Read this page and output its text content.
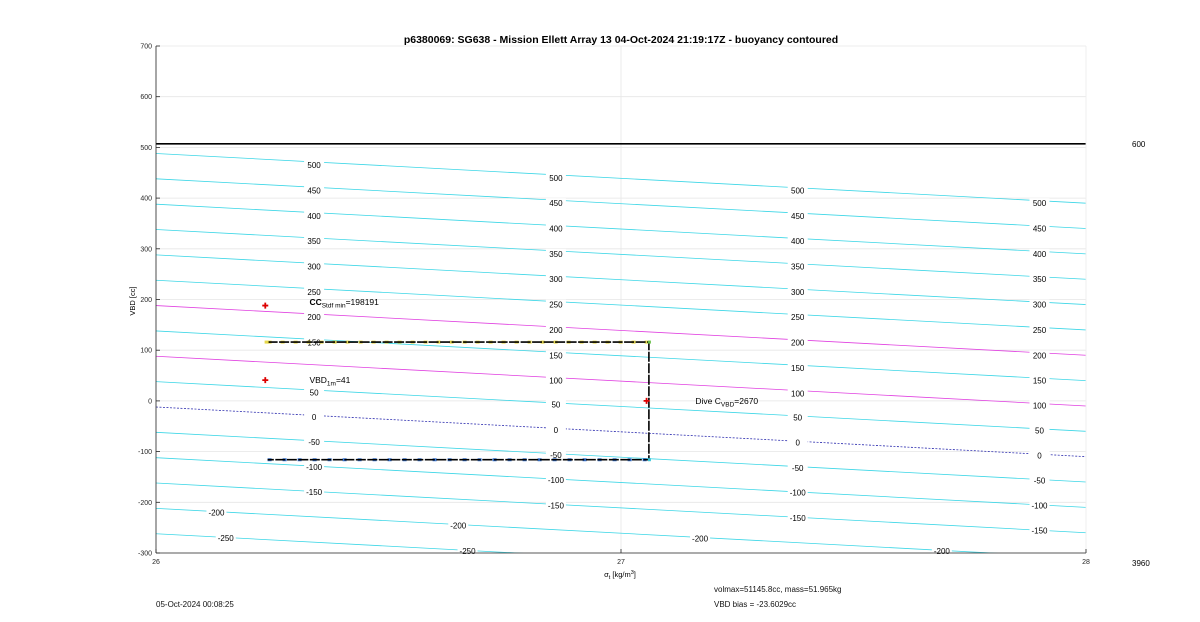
500
450
400
350
300
250
200
150
50
0
-50
-100
-150
-200
-250
500
450
400
350
300
250
200
150
100
50
0
-50
-100
-150
-200
-250
500
450
400
350
300
250
200
150
100
50
0
-50
-100
-150
-200
500
450
400
350
300
250
200
150
100
50
0
-50
-100
-150
-200
$CC_{Stdf min}=198191$
$VBD_{1m}=41$
Dive $C_{VBD}=2670$
-300
-200
-100
0
100
200
300
400
500
600
700
26	27	28
600
3960
p6380069: SG638 - Mission Ellett Array 13 04-Oct-2024 21:19:17Z - buoyancy contoured
VBD [cc]
$\sigma_t$ $[kg/m^3]$
05-Oct-2024 00:08:25
volmax=51145.8cc, mass=51.965kg
VBD bias = -23.6029cc
